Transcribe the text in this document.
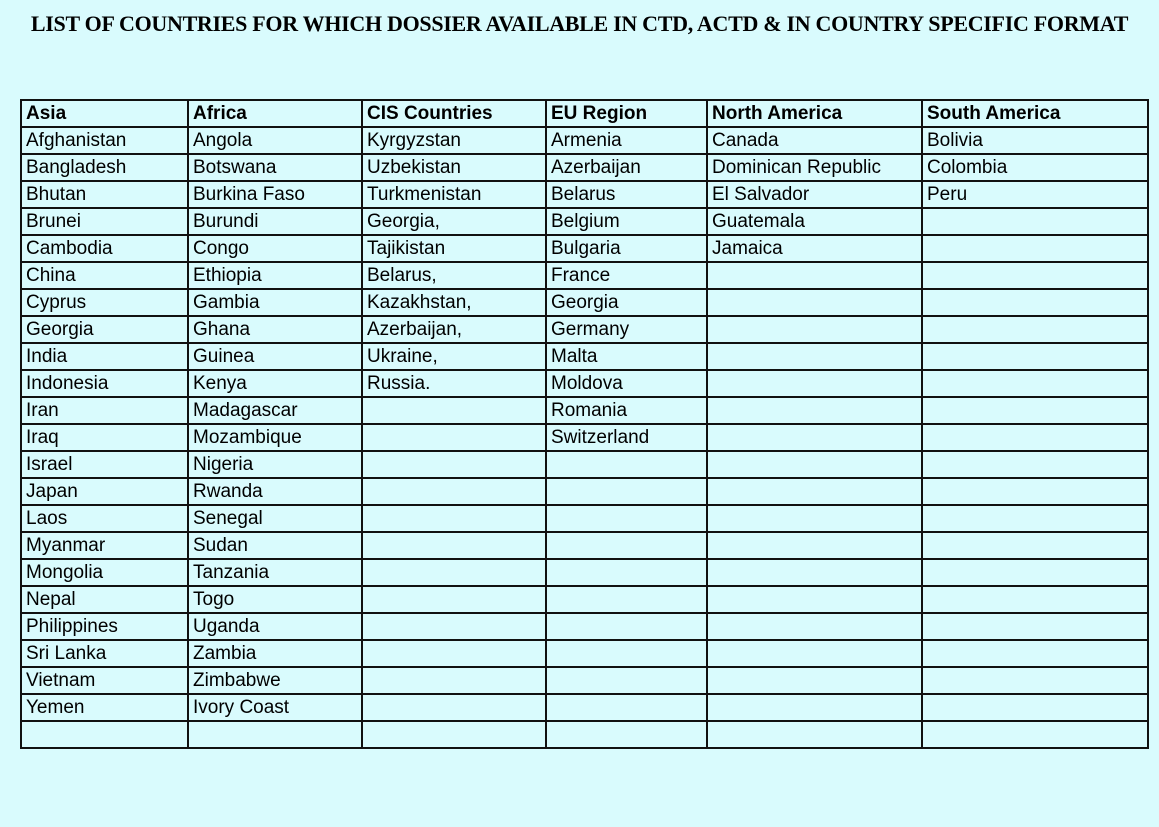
LIST OF COUNTRIES FOR WHICH DOSSIER AVAILABLE IN CTD, ACTD & IN COUNTRY SPECIFIC FORMAT
Asia	Africa	CIS Countries	EU Region	North America	South America
Afghanistan	Angola	Kyrgyzstan	Armenia	Canada	Bolivia
Bangladesh	Botswana	Uzbekistan	Azerbaijan	Dominican Republic	Colombia
Bhutan	Burkina Faso	Turkmenistan	Belarus	El Salvador	Peru
Brunei	Burundi	Georgia,	Belgium	Guatemala	
Cambodia	Congo	Tajikistan	Bulgaria	Jamaica	
China	Ethiopia	Belarus,	France		
Cyprus	Gambia	Kazakhstan,	Georgia		
Georgia	Ghana	Azerbaijan,	Germany		
India	Guinea	Ukraine,	Malta		
Indonesia	Kenya	Russia.	Moldova		
Iran	Madagascar		Romania		
Iraq	Mozambique		Switzerland		
Israel	Nigeria				
Japan	Rwanda				
Laos	Senegal				
Myanmar	Sudan				
Mongolia	Tanzania				
Nepal	Togo				
Philippines	Uganda				
Sri Lanka	Zambia				
Vietnam	Zimbabwe				
Yemen	Ivory Coast				
